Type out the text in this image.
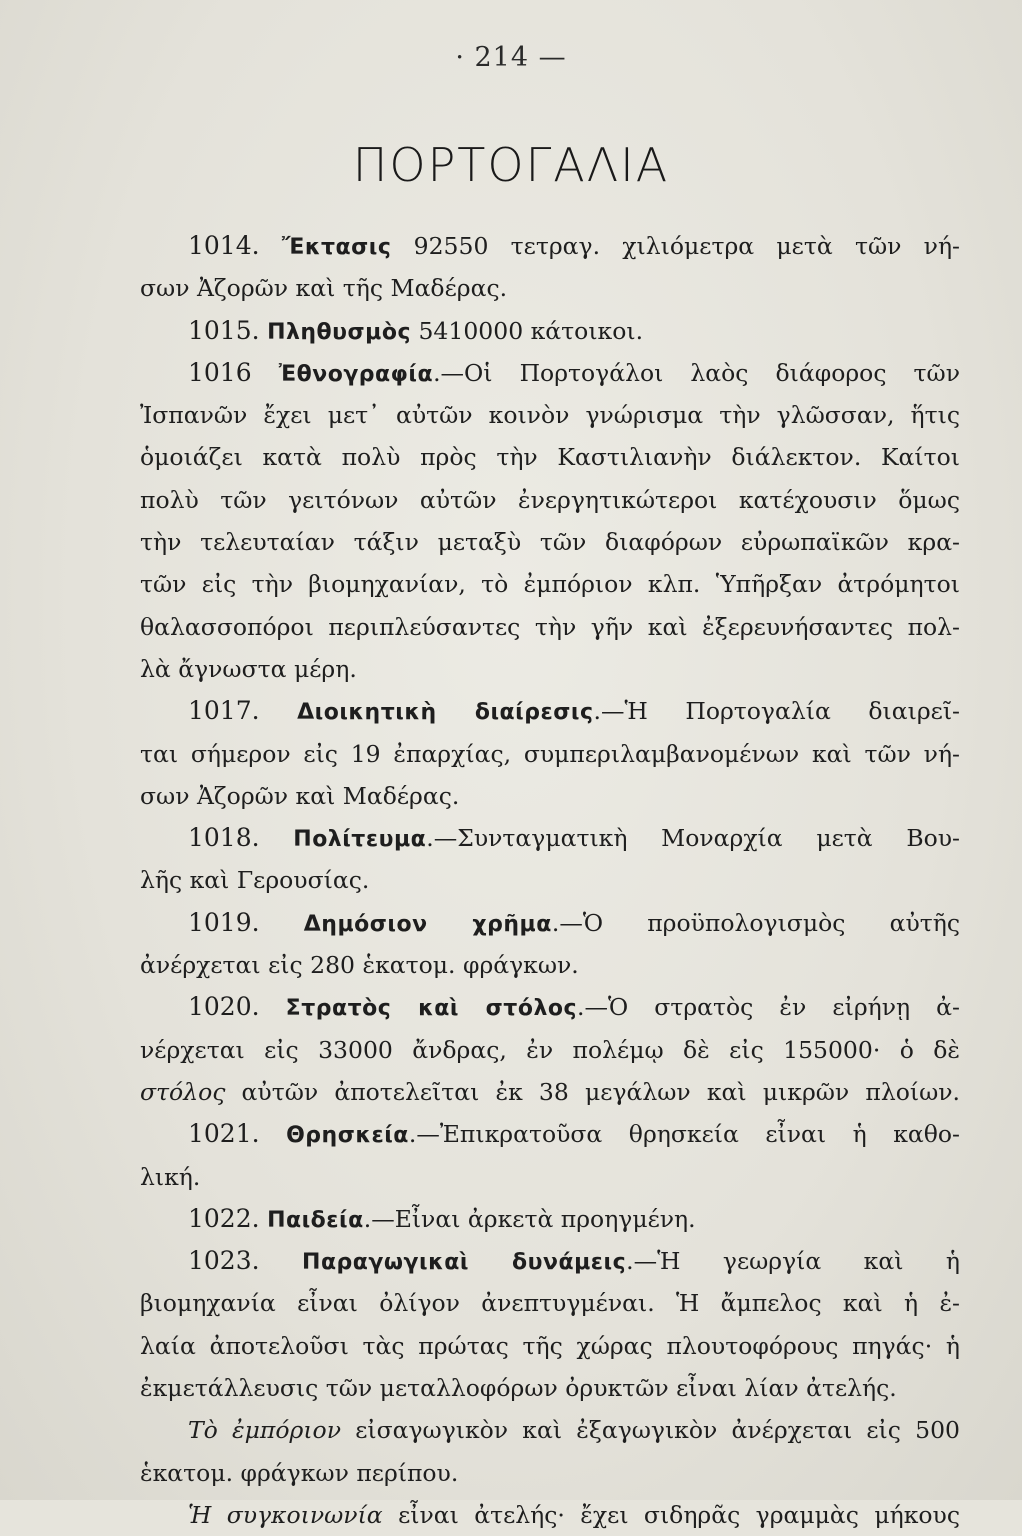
· 214 —
ΠΟΡΤΟΓΑΛΙΑ
1014. Ἔκτασις 92550 τετραγ. χιλιόμετρα μετὰ τῶν νή-
σων Ἀζορῶν καὶ τῆς Μαδέρας.
1015. Πληθυσμὸς 5410000 κάτοικοι.
1016 Ἐθνογραφία.—Οἱ Πορτογάλοι λαὸς διάφορος τῶν
Ἰσπανῶν ἔχει μετ᾽ αὐτῶν κοινὸν γνώρισμα τὴν γλῶσσαν, ἥτις
ὁμοιάζει κατὰ πολὺ πρὸς τὴν Καστιλιανὴν διάλεκτον. Καίτοι
πολὺ τῶν γειτόνων αὐτῶν ἐνεργητικώτεροι κατέχουσιν ὅμως
τὴν τελευταίαν τάξιν μεταξὺ τῶν διαφόρων εὐρωπαϊκῶν κρα-
τῶν εἰς τὴν βιομηχανίαν, τὸ ἐμπόριον κλπ. Ὑπῆρξαν ἀτρόμητοι
θαλασσοπόροι περιπλεύσαντες τὴν γῆν καὶ ἐξερευνήσαντες πολ-
λὰ ἄγνωστα μέρη.
1017. Διοικητικὴ διαίρεσις.—Ἡ Πορτογαλία διαιρεῖ-
ται σήμερον εἰς 19 ἐπαρχίας, συμπεριλαμβανομένων καὶ τῶν νή-
σων Ἀζορῶν καὶ Μαδέρας.
1018. Πολίτευμα.—Συνταγματικὴ Μοναρχία μετὰ Βου-
λῆς καὶ Γερουσίας.
1019. Δημόσιον χρῆμα.—Ὁ προϋπολογισμὸς αὐτῆς
ἀνέρχεται εἰς 280 ἑκατομ. φράγκων.
1020. Στρατὸς καὶ στόλος.—Ὁ στρατὸς ἐν εἰρήνῃ ἀ-
νέρχεται εἰς 33000 ἄνδρας, ἐν πολέμῳ δὲ εἰς 155000· ὁ δὲ
στόλος αὐτῶν ἀποτελεῖται ἐκ 38 μεγάλων καὶ μικρῶν πλοίων.
1021. Θρησκεία.—Ἐπικρατοῦσα θρησκεία εἶναι ἡ καθο-
λική.
1022. Παιδεία.—Εἶναι ἀρκετὰ προηγμένη.
1023. Παραγωγικαὶ δυνάμεις.—Ἡ γεωργία καὶ ἡ
βιομηχανία εἶναι ὀλίγον ἀνεπτυγμέναι. Ἡ ἄμπελος καὶ ἡ ἐ-
λαία ἀποτελοῦσι τὰς πρώτας τῆς χώρας πλουτοφόρους πηγάς· ἡ
ἐκμετάλλευσις τῶν μεταλλοφόρων ὀρυκτῶν εἶναι λίαν ἀτελής.
Τὸ ἐμπόριον εἰσαγωγικὸν καὶ ἐξαγωγικὸν ἀνέρχεται εἰς 500
ἑκατομ. φράγκων περίπου.
Ἡ συγκοινωνία εἶναι ἀτελής· ἔχει σιδηρᾶς γραμμὰς μήκους
